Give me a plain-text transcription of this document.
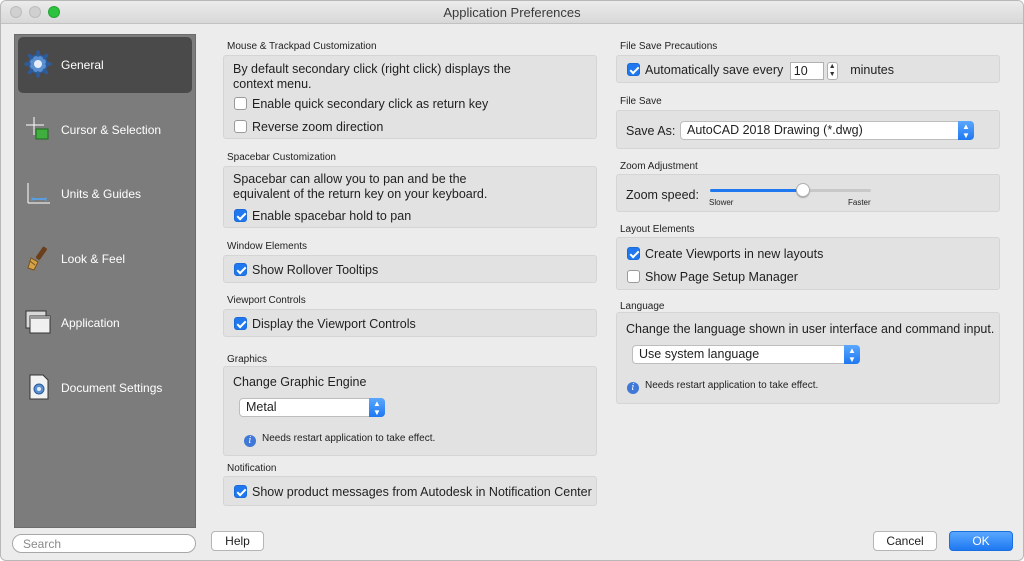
Application Preferences
General
Cursor & Selection
Units & Guides
Look & Feel
Application
Document Settings
Search
Mouse & Trackpad Customization
By default secondary click (right click) displays the
context menu.
Enable quick secondary click as return key
Reverse zoom direction
Spacebar Customization
Spacebar can allow you to pan and be the
equivalent of the return key on your keyboard.
Enable spacebar hold to pan
Window Elements
Show Rollover Tooltips
Viewport Controls
Display the Viewport Controls
Graphics
Change Graphic Engine
Metal	▲
▼
i Needs restart application to take effect.
Notification
Show product messages from Autodesk in Notification Center
File Save Precautions
Automatically save every 10	▲
▼ minutes
File Save
Save As: AutoCAD 2018 Drawing (*.dwg)	▲
▼
Zoom Adjustment
Zoom speed:
Slower	Faster
Layout Elements
Create Viewports in new layouts
Show Page Setup Manager
Language
Change the language shown in user interface and command input.
Use system language	▲
▼
i Needs restart application to take effect.
Help	Cancel	OK
